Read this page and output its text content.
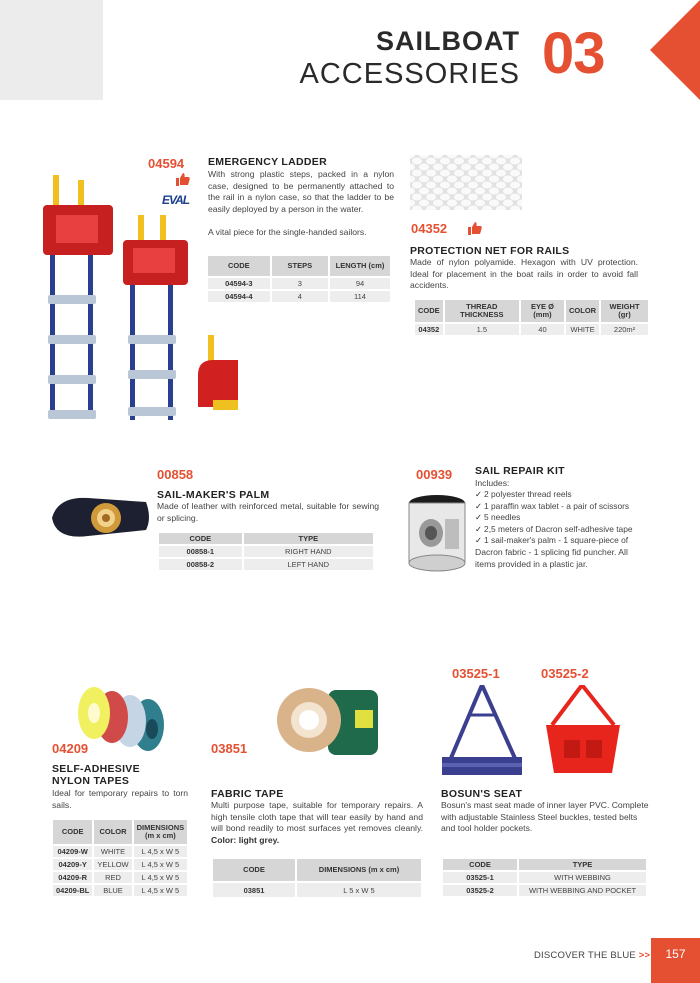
SAILBOAT
ACCESSORIES 03
04594
EVAL
EMERGENCY LADDER
With strong plastic steps, packed in a nylon case, designed to be permanently attached to the rail in a nylon case, so that the ladder to be easily deployed by a person in the water.
A vital piece for the single-handed sailors.
CODE	STEPS	LENGTH (cm)
04594-3	3	94
04594-4	4	114
04352
PROTECTION NET FOR RAILS
Made of nylon polyamide. Hexagon with UV protection. Ideal for placement in the boat rails in order to avoid fall accidents.
CODE	THREAD THICKNESS	EYE Ø (mm)	COLOR	WEIGHT (gr)
04352	1.5	40	WHITE	220m²
00858
SAIL-MAKER'S PALM
Made of leather with reinforced metal, suitable for sewing or splicing.
CODE	TYPE
00858-1	RIGHT HAND
00858-2	LEFT HAND
00939 SAIL REPAIR KIT
Includes:
✓ 2 polyester thread reels
✓ 1 paraffin wax tablet - a pair of scissors
✓ 5 needles
✓ 2,5 meters of Dacron self-adhesive tape
✓ 1 sail-maker's palm - 1 square-piece of
Dacron fabric - 1 splicing fid puncher. All items provided in a plastic jar.
04209
SELF-ADHESIVE
NYLON TAPES
Ideal for temporary repairs to torn sails.
CODE	COLOR	DIMENSIONS (m x cm)
04209-W	WHITE	L 4,5 x W 5
04209-Y	YELLOW	L 4,5 x W 5
04209-R	RED	L 4,5 x W 5
04209-BL	BLUE	L 4,5 x W 5
03851
FABRIC TAPE
Multi purpose tape, suitable for temporary repairs. A high tensile cloth tape that will tear easily by hand and will bond readily to most surfaces yet removes cleanly. Color: light grey.
CODE	DIMENSIONS (m x cm)
03851	L 5 x W 5
03525-1	03525-2
BOSUN'S SEAT
Bosun's mast seat made of inner layer PVC. Complete with adjustable Stainless Steel buckles, tested belts and tool holder pockets.
CODE	TYPE
03525-1	WITH WEBBING
03525-2	WITH WEBBING AND POCKET
DISCOVER THE BLUE >>	157
